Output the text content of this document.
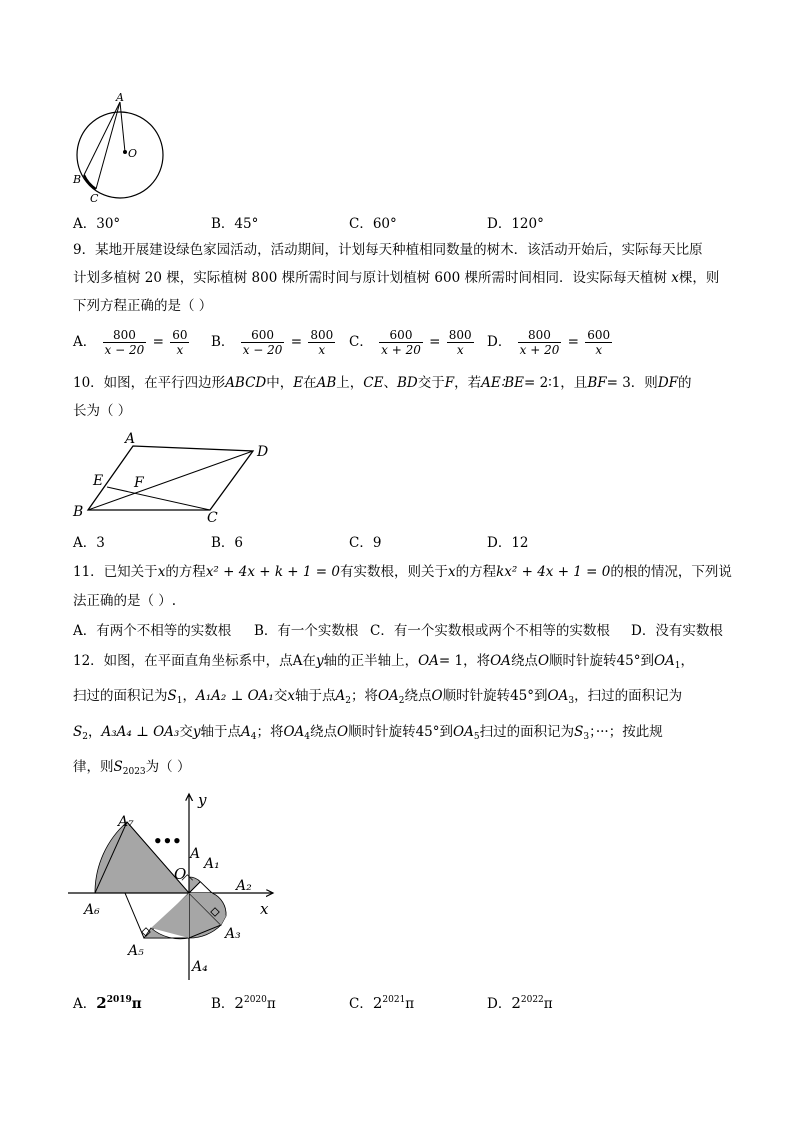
A
O
B
C
A．30°	B．45°	C．60°	D．120°
9．某地开展建设绿色家园活动，活动期间，计划每天种植相同数量的树木．该活动开始后，实际每天比原
计划多植树 20 棵，实际植树 800 棵所需时间与原计划植树 600 棵所需时间相同．设实际每天植树 x棵，则
下列方程正确的是（ ）
A． $\frac{800}{x - 20} = \frac{60}{x}$ B． $\frac{600}{x - 20} = \frac{800}{x}$ C． $\frac{600}{x + 20} = \frac{800}{x}$ D． $\frac{800}{x + 20} = \frac{600}{x}$
10．如图，在平行四边形ABCD中，E在AB上，CE、BD交于F，若AE∶BE= 2∶1，且BF= 3．则DF的
长为（ ）
A
D
E F
B	C
A．3	B．6	C．9	D．12
11．已知关于x的方程x² + 4x + k + 1 = 0有实数根，则关于x的方程kx² + 4x + 1 = 0的根的情况，下列说
法正确的是（ ）.
A．有两个不相等的实数根 B．有一个实数根 C．有一个实数根或两个不相等的实数根 D．没有实数根
12．如图，在平面直角坐标系中，点A在y轴的正半轴上，OA= 1，将OA绕点O顺时针旋转45°到$OA_1$，
扫过的面积记为$S_1$，A₁A₂ ⊥ OA₁交x轴于点$A_2$；将$OA_2$绕点O顺时针旋转45°到$OA_3$，扫过的面积记为
$S_2$，A₃A₄ ⊥ OA₃交y轴于点$A_4$；将$OA_4$绕点O顺时针旋转45°到$OA_5$扫过的面积记为$S_3$；···；按此规
律，则$S_{2023}$为（ ）
y
x
O
A
A₁
A₂
A₃
A₄
A₅
A₆
A₇
•••
A．$2^{2019}\pi$	B．$2^{2020}\pi$	C．$2^{2021}\pi$	D．$2^{2022}\pi$
